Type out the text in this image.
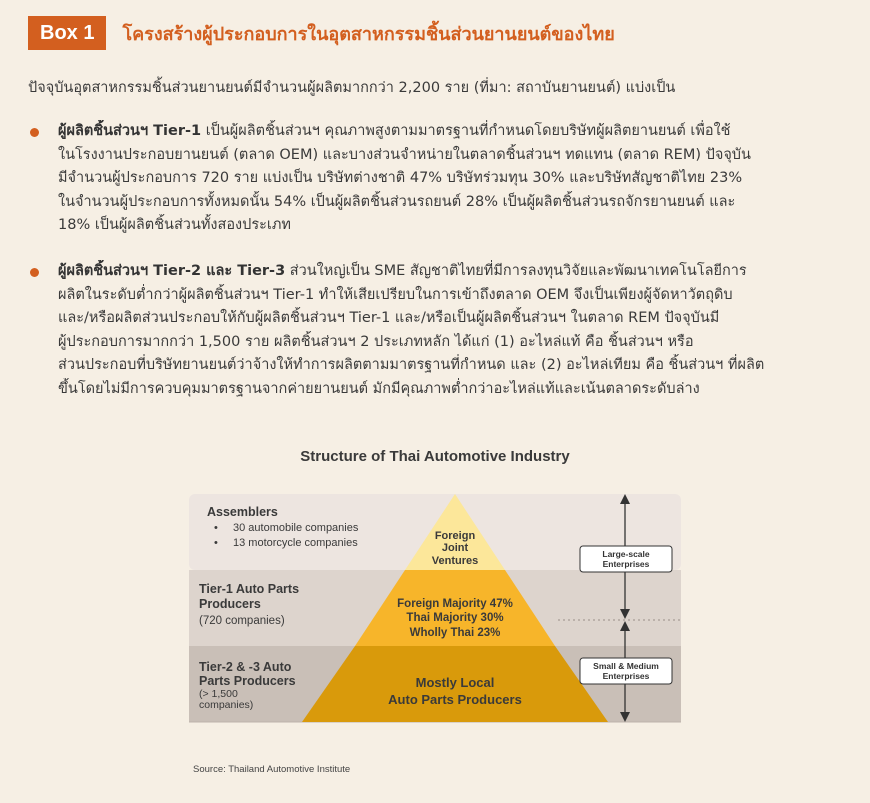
Box 1	โครงสร้างผู้ประกอบการในอุตสาหกรรมชิ้นส่วนยานยนต์ของไทย
ปัจจุบันอุตสาหกรรมชิ้นส่วนยานยนต์มีจำนวนผู้ผลิตมากกว่า 2,200 ราย (ที่มา: สถาบันยานยนต์) แบ่งเป็น
ผู้ผลิตชิ้นส่วนฯ Tier-1 เป็นผู้ผลิตชิ้นส่วนฯ คุณภาพสูงตามมาตรฐานที่กำหนดโดยบริษัทผู้ผลิตยานยนต์ เพื่อใช้
ในโรงงานประกอบยานยนต์ (ตลาด OEM) และบางส่วนจำหน่ายในตลาดชิ้นส่วนฯ ทดแทน (ตลาด REM) ปัจจุบัน
มีจำนวนผู้ประกอบการ 720 ราย แบ่งเป็น บริษัทต่างชาติ 47% บริษัทร่วมทุน 30% และบริษัทสัญชาติไทย 23%
ในจำนวนผู้ประกอบการทั้งหมดนั้น 54% เป็นผู้ผลิตชิ้นส่วนรถยนต์ 28% เป็นผู้ผลิตชิ้นส่วนรถจักรยานยนต์ และ
18% เป็นผู้ผลิตชิ้นส่วนทั้งสองประเภท
ผู้ผลิตชิ้นส่วนฯ Tier-2 และ Tier-3 ส่วนใหญ่เป็น SME สัญชาติไทยที่มีการลงทุนวิจัยและพัฒนาเทคโนโลยีการ
ผลิตในระดับต่ำกว่าผู้ผลิตชิ้นส่วนฯ Tier-1 ทำให้เสียเปรียบในการเข้าถึงตลาด OEM จึงเป็นเพียงผู้จัดหาวัตถุดิบ
และ/หรือผลิตส่วนประกอบให้กับผู้ผลิตชิ้นส่วนฯ Tier-1 และ/หรือเป็นผู้ผลิตชิ้นส่วนฯ ในตลาด REM ปัจจุบันมี
ผู้ประกอบการมากกว่า 1,500 ราย ผลิตชิ้นส่วนฯ 2 ประเภทหลัก ได้แก่ (1) อะไหล่แท้ คือ ชิ้นส่วนฯ หรือ
ส่วนประกอบที่บริษัทยานยนต์ว่าจ้างให้ทำการผลิตตามมาตรฐานที่กำหนด และ (2) อะไหล่เทียม คือ ชิ้นส่วนฯ ที่ผลิต
ขึ้นโดยไม่มีการควบคุมมาตรฐานจากค่ายยานยนต์ มักมีคุณภาพต่ำกว่าอะไหล่แท้และเน้นตลาดระดับล่าง
Structure of Thai Automotive Industry
Assemblers
• 30 automobile companies
• 13 motorcycle companies
Tier-1 Auto Parts
Producers
(720 companies)
Tier-2 & -3 Auto
Parts Producers
(> 1,500
companies)
Foreign
Joint
Ventures
Foreign Majority 47%
Thai Majority 30%
Wholly Thai 23%
Mostly Local
Auto Parts Producers
Large-scale
Enterprises
Small & Medium
Enterprises
Source: Thailand Automotive Institute
